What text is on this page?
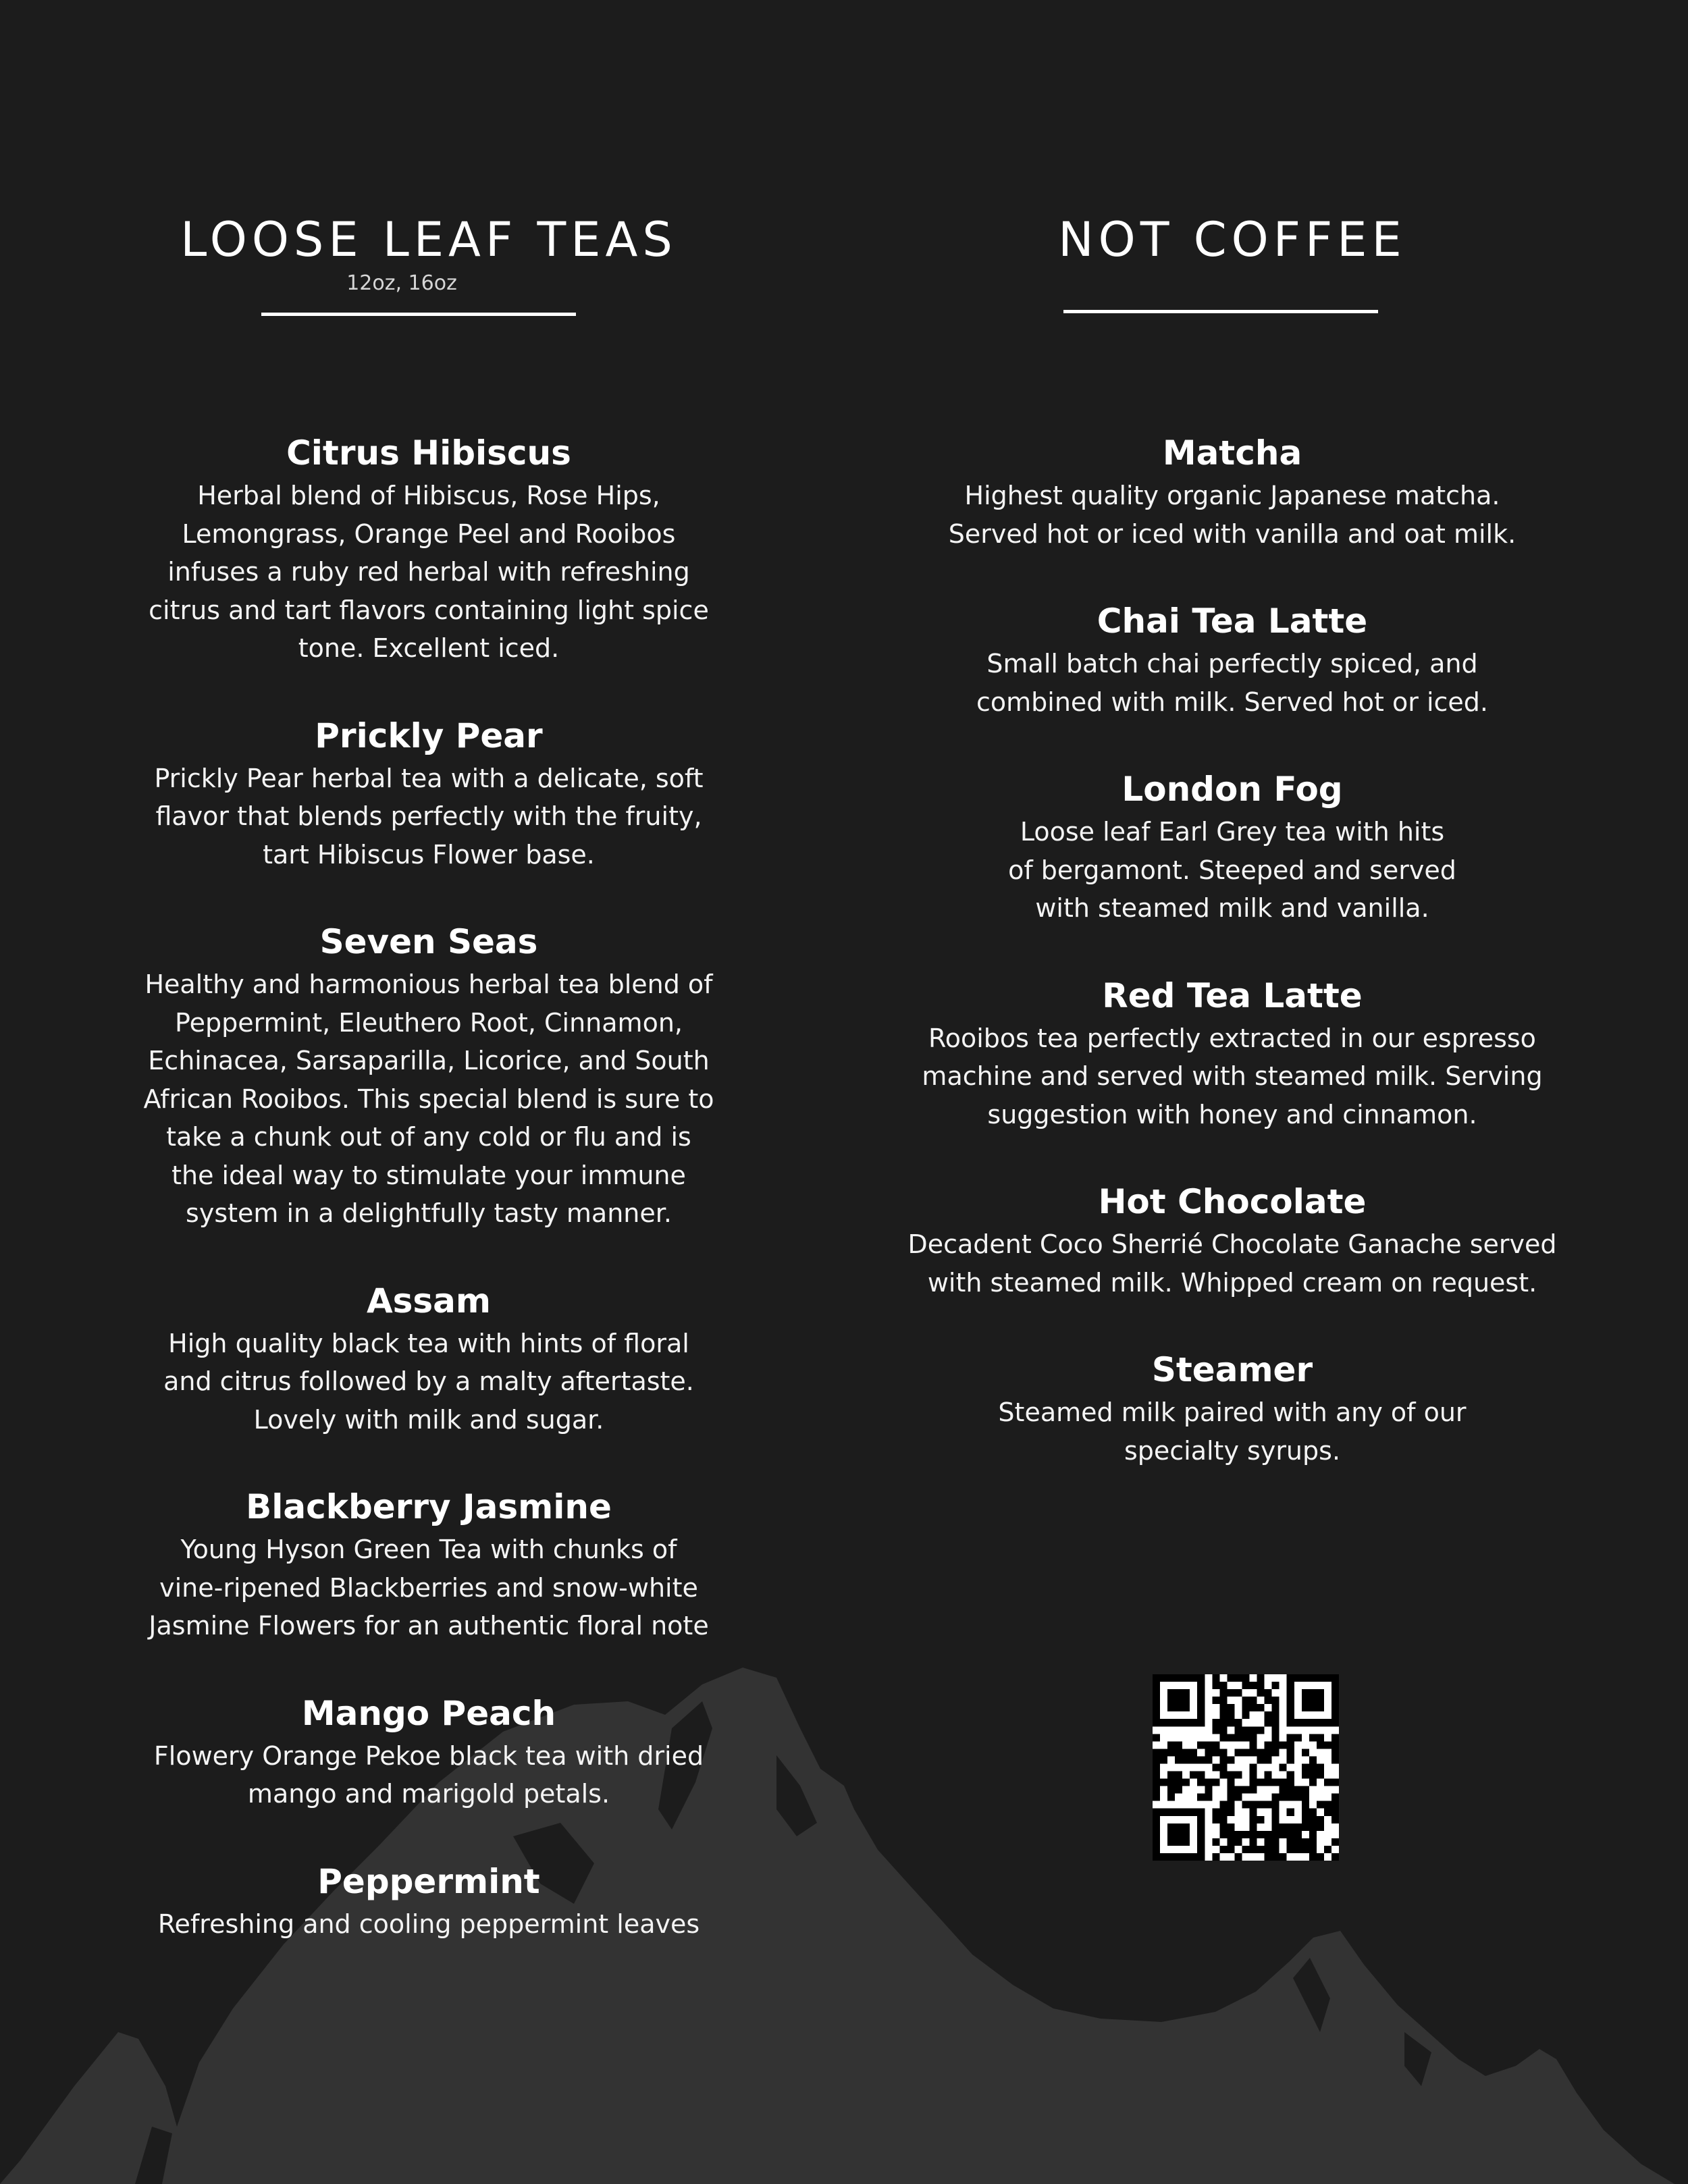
LOOSE LEAF TEAS
12oz, 16oz
Citrus Hibiscus

Herbal blend of Hibiscus, Rose Hips,
Lemongrass, Orange Peel and Rooibos
infuses a ruby red herbal with refreshing
citrus and tart flavors containing light spice
tone. Excellent iced.

Prickly Pear

Prickly Pear herbal tea with a delicate, soft
flavor that blends perfectly with the fruity,
tart Hibiscus Flower base.

Seven Seas

Healthy and harmonious herbal tea blend of
Peppermint, Eleuthero Root, Cinnamon,
Echinacea, Sarsaparilla, Licorice, and South
African Rooibos. This special blend is sure to
take a chunk out of any cold or flu and is
the ideal way to stimulate your immune
system in a delightfully tasty manner.

Assam

High quality black tea with hints of floral
and citrus followed by a malty aftertaste.
Lovely with milk and sugar.

Blackberry Jasmine

Young Hyson Green Tea with chunks of
vine-ripened Blackberries and snow-white
Jasmine Flowers for an authentic floral note

Mango Peach

Flowery Orange Pekoe black tea with dried
mango and marigold petals.

Peppermint

Refreshing and cooling peppermint leaves

NOT COFFEE
Matcha

Highest quality organic Japanese matcha.
Served hot or iced with vanilla and oat milk.

Chai Tea Latte

Small batch chai perfectly spiced, and
combined with milk. Served hot or iced.

London Fog

Loose leaf Earl Grey tea with hits
of bergamont. Steeped and served
with steamed milk and vanilla.

Red Tea Latte

Rooibos tea perfectly extracted in our espresso
machine and served with steamed milk. Serving
suggestion with honey and cinnamon.

Hot Chocolate

Decadent Coco Sherrié Chocolate Ganache served
with steamed milk. Whipped cream on request.

Steamer

Steamed milk paired with any of our
specialty syrups.
